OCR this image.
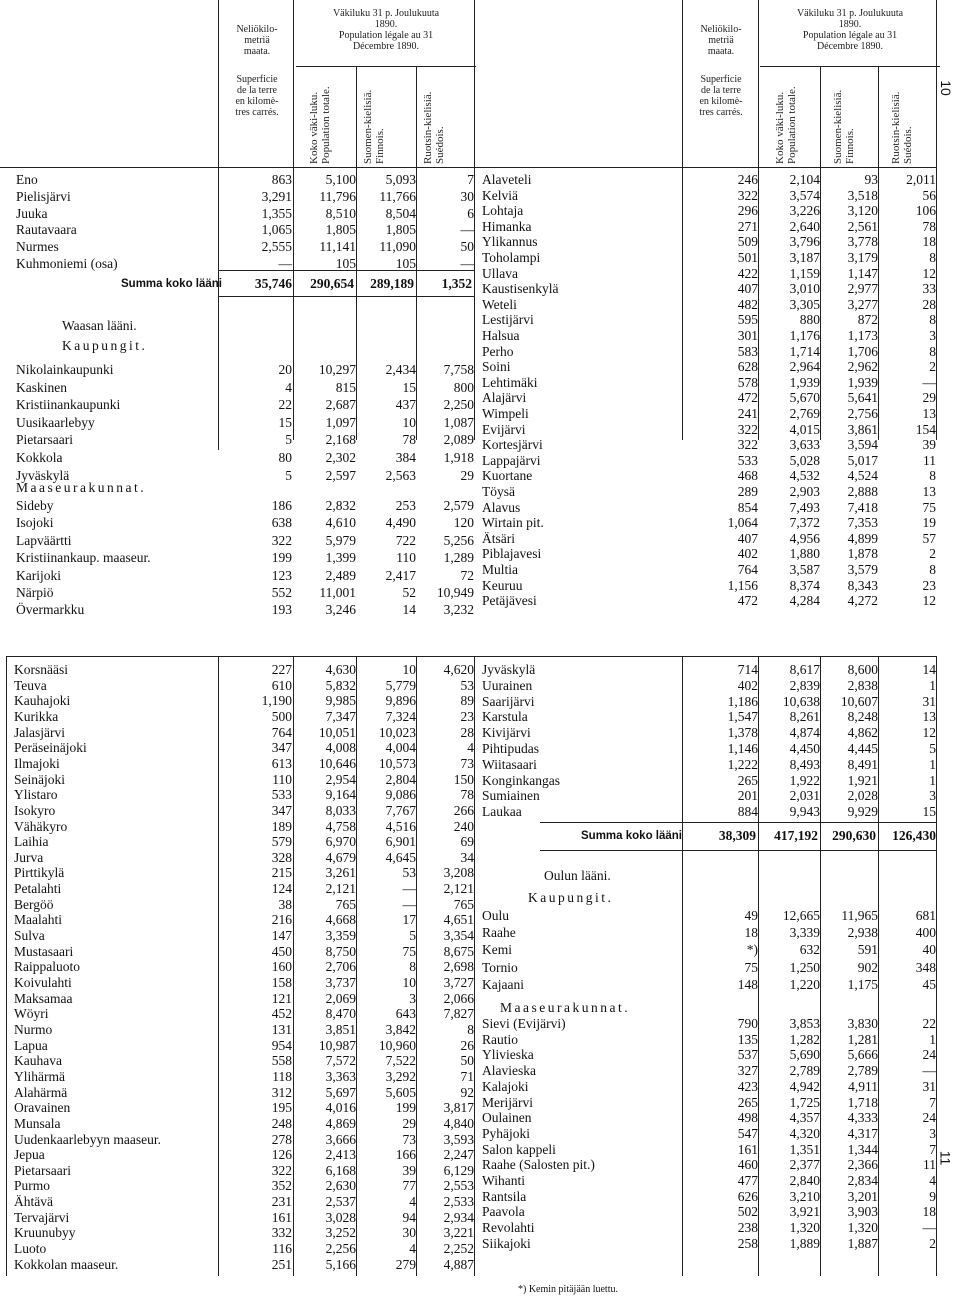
Neliökilo-
metriä
maata.
Superficie
de la terre
en kilomè-
tres carrés.
Väkiluku 31 p. Joulukuuta
1890.
Population légale au 31
Décembre 1890.
Koko väki-luku. Population totale.	Suomen-kielisiä. Finnois.	Ruotsin-kielisiä. Suédois.
Neliökilo-
metriä
maata.
Superficie
de la terre
en kilomè-
tres carrés.
Väkiluku 31 p. Joulukuuta
1890.
Population légale au 31
Décembre 1890.
Koko väki-luku. Population totale.	Suomen-kielisiä. Finnois.	Ruotsin-kielisiä. Suédois.
10
Eno	863	5,100	5,093	7
Pielisjärvi	3,291	11,796	11,766	30
Juuka	1,355	8,510	8,504	6
Rautavaara	1,065	1,805	1,805	—
Nurmes	2,555	11,141	11,090	50
Kuhmoniemi (osa)	—	105	105	—
Nikolainkaupunki	20	10,297	2,434	7,758
Kaskinen	4	815	15	800
Kristiinankaupunki	22	2,687	437	2,250
Uusikaarlebyy	15	1,097	10	1,087
Pietarsaari	5	2,168	78	2,089
Kokkola	80	2,302	384	1,918
Jyväskylä	5	2,597	2,563	29
Sideby	186	2,832	253	2,579
Isojoki	638	4,610	4,490	120
Lapväärtti	322	5,979	722	5,256
Kristiinankaup. maaseur.	199	1,399	110	1,289
Karijoki	123	2,489	2,417	72
Närpiö	552	11,001	52	10,949
Övermarkku	193	3,246	14	3,232
Summa koko lääni	35,746	290,654	289,189	1,352
Waasan lääni.
Kaupungit.
Maaseurakunnat.
Alaveteli	246	2,104	93	2,011
Kelviä	322	3,574	3,518	56
Lohtaja	296	3,226	3,120	106
Himanka	271	2,640	2,561	78
Ylikannus	509	3,796	3,778	18
Toholampi	501	3,187	3,179	8
Ullava	422	1,159	1,147	12
Kaustisenkylä	407	3,010	2,977	33
Weteli	482	3,305	3,277	28
Lestijärvi	595	880	872	8
Halsua	301	1,176	1,173	3
Perho	583	1,714	1,706	8
Soini	628	2,964	2,962	2
Lehtimäki	578	1,939	1,939	—
Alajärvi	472	5,670	5,641	29
Wimpeli	241	2,769	2,756	13
Evijärvi	322	4,015	3,861	154
Kortesjärvi	322	3,633	3,594	39
Lappajärvi	533	5,028	5,017	11
Kuortane	468	4,532	4,524	8
Töysä	289	2,903	2,888	13
Alavus	854	7,493	7,418	75
Wirtain pit.	1,064	7,372	7,353	19
Ätsäri	407	4,956	4,899	57
Piblajavesi	402	1,880	1,878	2
Multia	764	3,587	3,579	8
Keuruu	1,156	8,374	8,343	23
Petäjävesi	472	4,284	4,272	12
Korsnääsi	227	4,630	10	4,620
Teuva	610	5,832	5,779	53
Kauhajoki	1,190	9,985	9,896	89
Kurikka	500	7,347	7,324	23
Jalasjärvi	764	10,051	10,023	28
Peräseinäjoki	347	4,008	4,004	4
Ilmajoki	613	10,646	10,573	73
Seinäjoki	110	2,954	2,804	150
Ylistaro	533	9,164	9,086	78
Isokyro	347	8,033	7,767	266
Vähäkyro	189	4,758	4,516	240
Laihia	579	6,970	6,901	69
Jurva	328	4,679	4,645	34
Pirttikylä	215	3,261	53	3,208
Petalahti	124	2,121	—	2,121
Bergöö	38	765	—	765
Maalahti	216	4,668	17	4,651
Sulva	147	3,359	5	3,354
Mustasaari	450	8,750	75	8,675
Raippaluoto	160	2,706	8	2,698
Koivulahti	158	3,737	10	3,727
Maksamaa	121	2,069	3	2,066
Wöyri	452	8,470	643	7,827
Nurmo	131	3,851	3,842	8
Lapua	954	10,987	10,960	26
Kauhava	558	7,572	7,522	50
Ylihärmä	118	3,363	3,292	71
Alahärmä	312	5,697	5,605	92
Oravainen	195	4,016	199	3,817
Munsala	248	4,869	29	4,840
Uudenkaarlebyyn maaseur.	278	3,666	73	3,593
Jepua	126	2,413	166	2,247
Pietarsaari	322	6,168	39	6,129
Purmo	352	2,630	77	2,553
Ähtävä	231	2,537	4	2,533
Tervajärvi	161	3,028	94	2,934
Kruunubyy	332	3,252	30	3,221
Luoto	116	2,256	4	2,252
Kokkolan maaseur.	251	5,166	279	4,887
Jyväskylä	714	8,617	8,600	14
Uurainen	402	2,839	2,838	1
Saarijärvi	1,186	10,638	10,607	31
Karstula	1,547	8,261	8,248	13
Kivijärvi	1,378	4,874	4,862	12
Pihtipudas	1,146	4,450	4,445	5
Wiitasaari	1,222	8,493	8,491	1
Konginkangas	265	1,922	1,921	1
Sumiainen	201	2,031	2,028	3
Laukaa	884	9,943	9,929	15
Oulu	49	12,665	11,965	681
Raahe	18	3,339	2,938	400
Kemi	*)	632	591	40
Tornio	75	1,250	902	348
Kajaani	148	1,220	1,175	45
Sievi (Evijärvi)	790	3,853	3,830	22
Rautio	135	1,282	1,281	1
Ylivieska	537	5,690	5,666	24
Alavieska	327	2,789	2,789	—
Kalajoki	423	4,942	4,911	31
Merijärvi	265	1,725	1,718	7
Oulainen	498	4,357	4,333	24
Pyhäjoki	547	4,320	4,317	3
Salon kappeli	161	1,351	1,344	7
Raahe (Salosten pit.)	460	2,377	2,366	11
Wihanti	477	2,840	2,834	4
Rantsila	626	3,210	3,201	9
Paavola	502	3,921	3,903	18
Revolahti	238	1,320	1,320	—
Siikajoki	258	1,889	1,887	2
Summa koko lääni	38,309	417,192	290,630	126,430
Oulun lääni.
Kaupungit.
Maaseurakunnat.
*) Kemin pitäjään luettu.
11
